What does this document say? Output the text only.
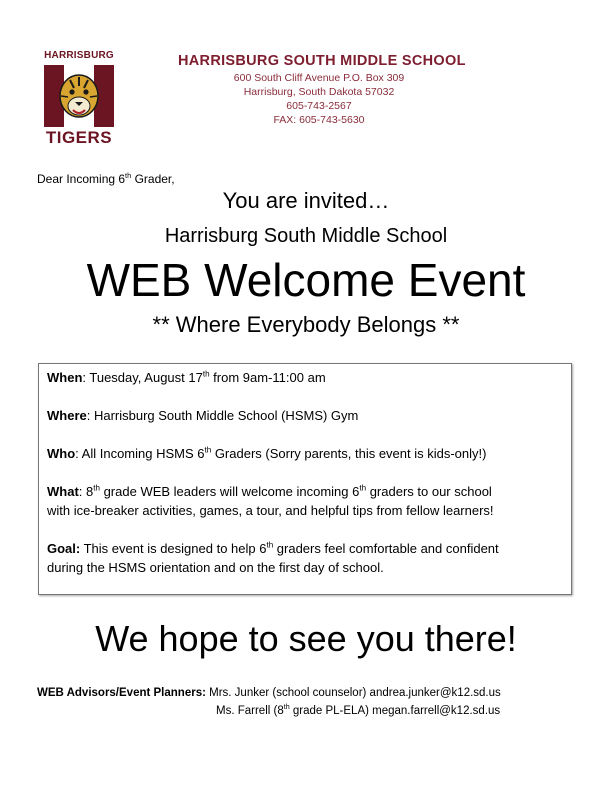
HARRISBURG
TIGERS
HARRISBURG SOUTH MIDDLE SCHOOL
600 South Cliff Avenue P.O. Box 309
Harrisburg, South Dakota 57032
605-743-2567
FAX: 605-743-5630
Dear Incoming 6th Grader,
You are invited…
Harrisburg South Middle School
WEB Welcome Event
** Where Everybody Belongs **

When: Tuesday, August 17th from 9am-11:00 am

Where: Harrisburg South Middle School (HSMS) Gym

Who: All Incoming HSMS 6th Graders (Sorry parents, this event is kids-only!)

What: 8th grade WEB leaders will welcome incoming 6th graders to our school
with ice-breaker activities, games, a tour, and helpful tips from fellow learners!

Goal: This event is designed to help 6th graders feel comfortable and confident
during the HSMS orientation and on the first day of school.

We hope to see you there!
WEB Advisors/Event Planners: Mrs. Junker (school counselor) andrea.junker@k12.sd.us
Ms. Farrell (8th grade PL-ELA) megan.farrell@k12.sd.us
